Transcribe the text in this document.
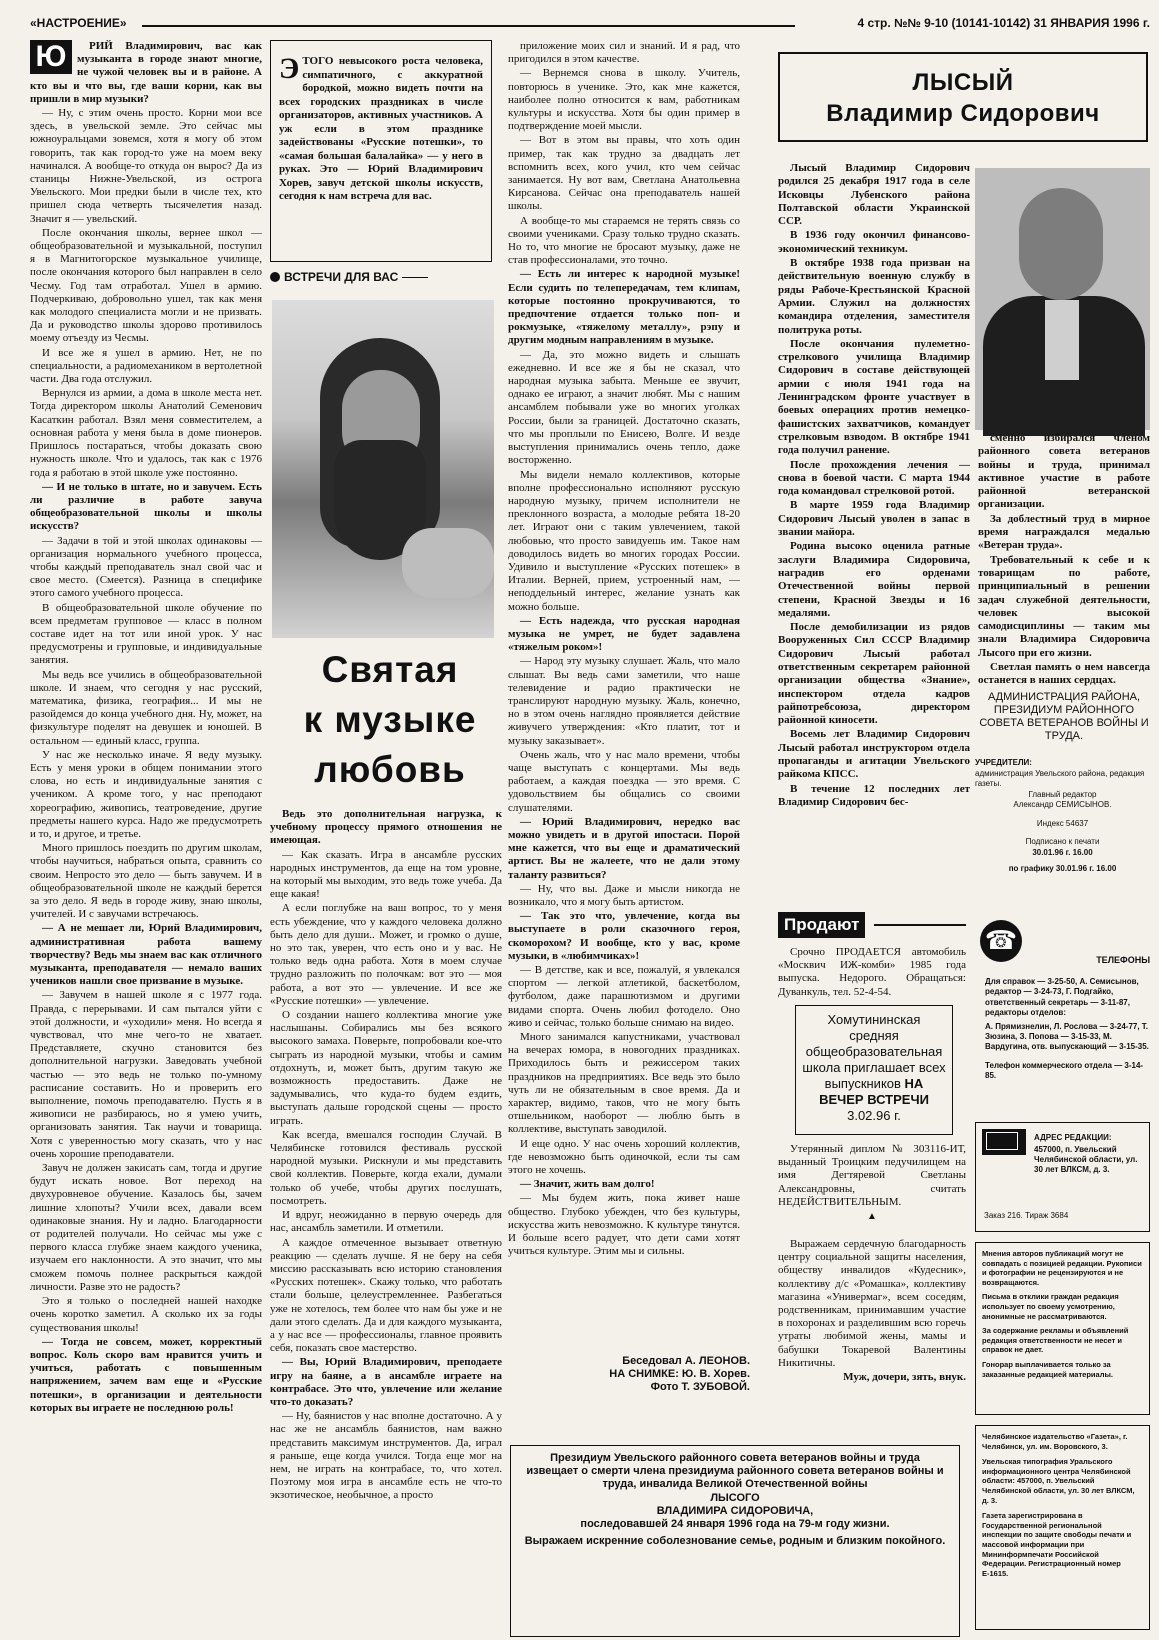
«НАСТРОЕНИЕ»	4 стр. №№ 9-10 (10141-10142) 31 ЯНВАРИЯ 1996 г.
Ю	РИЙ Владимирович, вас как музыканта в городе знают многие, не чужой человек вы и в районе. А кто вы и что вы, где ваши корни, как вы пришли в мир музыки?

— Ну, с этим очень просто. Корни мои все здесь, в увельской земле. Это сейчас мы южноуральцами зовемся, хотя я могу об этом говорить, так как город-то уже на моем веку начинался. А вообще-то откуда он вырос? Да из станицы Нижне-Увельской, из острога Увельского. Мои предки были в числе тех, кто пришел сюда четверть тысячелетия назад. Значит я — увельский.

После окончания школы, вернее школ — общеобразовательной и музыкальной, поступил я в Магнитогорское музыкальное училище, после окончания которого был направлен в село Чесму. Год там отработал. Ушел в армию. Подчеркиваю, добровольно ушел, так как меня как молодого специалиста могли и не призвать. Да и руководство школы здорово противилось моему отъезду из Чесмы.

И все же я ушел в армию. Нет, не по специальности, а радиомехаником в вертолетной части. Два года отслужил.

Вернулся из армии, а дома в школе места нет. Тогда директором школы Анатолий Семенович Касаткин работал. Взял меня совместителем, а основная работа у меня была в доме пионеров. Пришлось постараться, чтобы доказать свою нужность школе. Что и удалось, так как с 1976 года я работаю в этой школе уже постоянно.

— И не только в штате, но и завучем. Есть ли различие в работе завуча общеобразовательной школы и школы искусств?

— Задачи в той и этой школах одинаковы — организация нормального учебного процесса, чтобы каждый преподаватель знал свой час и свое место. (Смеется). Разница в специфике этого самого учебного процесса.

В общеобразовательной школе обучение по всем предметам групповое — класс в полном составе идет на тот или иной урок. У нас предусмотрены и групповые, и индивидуальные занятия.

Мы ведь все учились в общеобразовательной школе. И знаем, что сегодня у нас русский, математика, физика, география... И мы не разойдемся до конца учебного дня. Ну, может, на физкультуре поделят на девушек и юношей. В остальном — единый класс, группа.

У нас же несколько иначе. Я веду музыку. Есть у меня уроки в общем понимании этого слова, но есть и индивидуальные занятия с учеником. А кроме того, у нас преподают хореографию, живопись, театроведение, другие предметы нашего курса. Надо же предусмотреть и то, и другое, и третье.

Много пришлось поездить по другим школам, чтобы научиться, набраться опыта, сравнить со своим. Непросто это дело — быть завучем. И в общеобразовательной школе не каждый берется за это дело. Я ведь в городе живу, знаю школы, учителей. И с завучами встречаюсь.

— А не мешает ли, Юрий Владимирович, административная работа вашему творчеству? Ведь мы знаем вас как отличного музыканта, преподавателя — немало ваших учеников нашли свое призвание в музыке.

— Завучем в нашей школе я с 1977 года. Правда, с перерывами. И сам пытался уйти с этой должности, и «уходили» меня. Но всегда я чувствовал, что мне чего-то не хватает. Представляете, скучно становится без дополнительной нагрузки. Заведовать учебной частью — это ведь не только по-умному расписание составить. Но и проверить его выполнение, помочь преподавателю. Пусть я в живописи не разбираюсь, но я умею учить, организовать занятия. Так научи и товарища. Хотя с уверенностью могу сказать, что у нас очень хорошие преподаватели.

Завуч не должен закисать сам, тогда и другие будут искать новое. Вот переход на двухуровневое обучение. Казалось бы, зачем лишние хлопоты? Учили всех, давали всем одинаковые знания. Ну и ладно. Благодарности от родителей получали. Но сейчас мы уже с первого класса глубже знаем каждого ученика, изучаем его наклонности. А это значит, что мы сможем помочь полнее раскрыться каждой личности. Разве это не радость?

Это я только о последней нашей находке очень коротко заметил. А сколько их за годы существования школы!

— Тогда не совсем, может, корректный вопрос. Коль скоро вам нравится учить и учиться, работать с повышенным напряжением, зачем вам еще и «Русские потешки», в организации и деятельности которых вы играете не последнюю роль!

Э ТОГО невысокого роста человека, симпатичного, с аккуратной бородкой, можно видеть почти на всех городских праздниках в числе организаторов, активных участников. А уж если в этом празднике задействованы «Русские потешки», то «самая большая балалайка» — у него в руках. Это — Юрий Владимирович Хорев, завуч детской школы искусств, сегодня к нам встреча для вас.
ВСТРЕЧИ ДЛЯ ВАС
Святая
к музыке
любовь

Ведь это дополнительная нагрузка, к учебному процессу прямого отношения не имеющая.

— Как сказать. Игра в ансамбле русских народных инструментов, да еще на том уровне, на который мы выходим, это ведь тоже учеба. Да еще какая!

А если поглубже на ваш вопрос, то у меня есть убеждение, что у каждого человека должно быть дело для души.. Может, и громко о душе, но это так, уверен, что есть оно и у вас. Не только ведь одна работа. Хотя в моем случае трудно разложить по полочкам: вот это — моя работа, а вот это — увлечение. И все же «Русские потешки» — увлечение.

О создании нашего коллектива многие уже наслышаны. Собирались мы без всякого высокого замаха. Поверьте, попробовали кое-что сыграть из народной музыки, чтобы и самим отдохнуть, и, может быть, другим такую же возможность предоставить. Даже не задумывались, что куда-то будем ездить, выступать дальше городской сцены — просто играть.

Как всегда, вмешался господин Случай. В Челябинске готовился фестиваль русской народной музыки. Рискнули и мы представить свой коллектив. Поверьте, когда ехали, думали только об учебе, чтобы других послушать, посмотреть.

И вдруг, неожиданно в первую очередь для нас, ансамбль заметили. И отметили.

А каждое отмеченное вызывает ответную реакцию — сделать лучше. Я не беру на себя миссию рассказывать всю историю становления «Русских потешек». Скажу только, что работать стали больше, целеустремленнее. Разбегаться уже не хотелось, тем более что нам бы уже и не дали этого сделать. Да и для каждого музыканта, а у нас все — профессионалы, главное проявить себя, показать свое мастерство.

— Вы, Юрий Владимирович, преподаете игру на баяне, а в ансамбле играете на контрабасе. Это что, увлечение или желание что-то доказать?

— Ну, баянистов у нас вполне достаточно. А у нас же не ансамбль баянистов, нам важно представить максимум инструментов. Да, играл я раньше, еще когда учился. Тогда еще мог на нем, не играть на контрабасе, то, что хотел. Поэтому моя игра в ансамбле есть не что-то экзотическое, необычное, а просто

приложение моих сил и знаний. И я рад, что пригодился в этом качестве.

— Вернемся снова в школу. Учитель, повторюсь в ученике. Это, как мне кажется, наиболее полно относится к вам, работникам культуры и искусства. Хотя бы один пример в подтверждение моей мысли.

— Вот в этом вы правы, что хоть один пример, так как трудно за двадцать лет вспомнить всех, кого учил, кто чем сейчас занимается. Ну вот вам, Светлана Анатольевна Кирсанова. Сейчас она преподаватель нашей школы.

А вообще-то мы стараемся не терять связь со своими учениками. Сразу только трудно сказать. Но то, что многие не бросают музыку, даже не став профессионалами, это точно.

— Есть ли интерес к народной музыке! Если судить по телепередачам, тем клипам, которые постоянно прокручиваются, то предпочтение отдается только поп- и рокмузыке, «тяжелому металлу», рэпу и другим модным направлениям в музыке.

— Да, это можно видеть и слышать ежедневно. И все же я бы не сказал, что народная музыка забыта. Меньше ее звучит, однако ее играют, а значит любят. Мы с нашим ансамблем побывали уже во многих уголках России, были за границей. Достаточно сказать, что мы проплыли по Енисею, Волге. И везде выступления принимались очень тепло, даже восторженно.

Мы видели немало коллективов, которые вполне профессионально исполняют русскую народную музыку, причем исполнители не преклонного возраста, а молодые ребята 18-20 лет. Играют они с таким увлечением, такой любовью, что просто завидуешь им. Такое нам доводилось видеть во многих городах России. Удивило и выступление «Русских потешек» в Италии. Верней, прием, устроенный нам, — неподдельный интерес, желание узнать как можно больше.

— Есть надежда, что русская народная музыка не умрет, не будет задавлена «тяжелым роком»!

— Народ эту музыку слушает. Жаль, что мало слышат. Вы ведь сами заметили, что наше телевидение и радио практически не транслируют народную музыку. Жаль, конечно, но в этом очень наглядно проявляется действие живучего утверждения: «Кто платит, тот и музыку заказывает».

Очень жаль, что у нас мало времени, чтобы чаще выступать с концертами. Мы ведь работаем, а каждая поездка — это время. С удовольствием бы общались со своими слушателями.

— Юрий Владимирович, нередко вас можно увидеть и в другой ипостаси. Порой мне кажется, что вы еще и драматический артист. Вы не жалеете, что не дали этому таланту развиться?

— Ну, что вы. Даже и мысли никогда не возникало, что я могу быть артистом.

— Так это что, увлечение, когда вы выступаете в роли сказочного героя, скоморохом? И вообще, кто у вас, кроме музыки, в «любимчиках»!

— В детстве, как и все, пожалуй, я увлекался спортом — легкой атлетикой, баскетболом, футболом, даже парашютизмом и другими видами спорта. Очень любил фотодело. Оно живо и сейчас, только больше снимаю на видео.

Много занимался капустниками, участвовал на вечерах юмора, в новогодних праздниках. Приходилось быть и режиссером таких праздников на предприятиях. Все ведь это было чуть ли не обязательным в свое время. Да и характер, видимо, таков, что не могу быть отшельником, наоборот — люблю быть в коллективе, выступать заводилой.

И еще одно. У нас очень хороший коллектив, где невозможно быть одиночкой, если ты сам этого не хочешь.

— Значит, жить вам долго!

— Мы будем жить, пока живет наше общество. Глубоко убежден, что без культуры, искусства жить невозможно. К культуре тянутся. И больше всего радует, что дети сами хотят учиться культуре. Этим мы и сильны.

Беседовал А. ЛЕОНОВ.
НА СНИМКЕ: Ю. В. Хорев.
Фото Т. ЗУБОВОЙ.
ЛЫСЫЙ
Владимир Сидорович

Лысый Владимир Сидорович родился 25 декабря 1917 года в селе Исковцы Лубенского района Полтавской области Украинской ССР.

В 1936 году окончил финансово-экономический техникум.

В октябре 1938 года призван на действительную военную службу в ряды Рабоче-Крестьянской Красной Армии. Служил на должностях командира отделения, заместителя политрука роты.

После окончания пулеметно-стрелкового училища Владимир Сидорович в составе действующей армии с июля 1941 года на Ленинградском фронте участвует в боевых операциях против немецко-фашистских захватчиков, командует стрелковым взводом. В октябре 1941 года получил ранение.

После прохождения лечения — снова в боевой части. С марта 1944 года командовал стрелковой ротой.

В марте 1959 года Владимир Сидорович Лысый уволен в запас в звании майора.

Родина высоко оценила ратные заслуги Владимира Сидоровича, наградив его орденами Отечественной войны первой степени, Красной Звезды и 16 медалями.

После демобилизации из рядов Вооруженных Сил СССР Владимир Сидорович Лысый работал ответственным секретарем районной организации общества «Знание», инспектором отдела кадров райпотребсоюза, директором районной киносети.

Восемь лет Владимир Сидорович Лысый работал инструктором отдела пропаганды и агитации Увельского райкома КПСС.

В течение 12 последних лет Владимир Сидорович бес-

сменно избирался членом районного совета ветеранов войны и труда, принимал активное участие в работе районной ветеранской организации.

За доблестный труд в мирное время награждался медалью «Ветеран труда».

Требовательный к себе и к товарищам по работе, принципиальный в решении задач служебной деятельности, человек высокой самодисциплины — таким мы знали Владимира Сидоровича Лысого при его жизни.

Светлая память о нем навсегда останется в наших сердцах.

АДМИНИСТРАЦИЯ РАЙОНА, ПРЕЗИДИУМ РАЙОННОГО СОВЕТА ВЕТЕРАНОВ ВОЙНЫ И ТРУДА.
УЧРЕДИТЕЛИ:
администрация Увельского района, редакция газеты.
Главный редактор
Александр СЕМИСЫНОВ.
Индекс 54637
Подписано к печати
30.01.96 г. 16.00
по графику 30.01.96 г. 16.00
☎
ТЕЛЕФОНЫ
Для справок — 3-25-50, А. Семисынов, редактор — 3-24-73, Г. Подгайко, ответственный секретарь — 3-11-87, редакторы отделов:
А. Прямизнелин, Л. Рослова — 3-24-77, Т. Зюзина, З. Попова — 3-15-33, М. Вардугина, отв. выпускающий — 3-15-35.
Телефон коммерческого отдела — 3-14-85.
АДРЕС РЕДАКЦИИ:
457000, п. Увельский Челябинской области, ул. 30 лет ВЛКСМ, д. 3.
Заказ 216. Тираж 3684
Мнения авторов публикаций могут не совпадать с позицией редакции. Рукописи и фотографии не рецензируются и не возвращаются.
Письма в отклики граждан редакция использует по своему усмотрению, анонимные не рассматриваются.
За содержание рекламы и объявлений редакция ответственности не несет и справок не дает.
Гонорар выплачивается только за заказанные редакцией материалы.
Челябинское издательство «Газета», г. Челябинск, ул. им. Воровского, 3.
Увельская типография Уральского информационного центра Челябинской области: 457000, п. Увельский Челябинской области, ул. 30 лет ВЛКСМ, д. 3.
Газета зарегистрирована в Государственной региональной инспекции по защите свободы печати и массовой информации при Мининформпечати Российской Федерации. Регистрационный номер Е-1615.
Продают

Срочно ПРОДАЕТСЯ автомобиль «Москвич ИЖ-комби» 1985 года выпуска. Недорого. Обращаться: Дуванкуль, тел. 52-4-54.

Хомутининская средняя общеобразовательная школа приглашает всех выпускников НА ВЕЧЕР ВСТРЕЧИ 3.02.96 г.

Утерянный диплом № 303116-ИТ, выданный Троицким педучилищем на имя Дегтяревой Светланы Александровны, считать НЕДЕЙСТВИТЕЛЬНЫМ.

▲

Выражаем сердечную благодарность центру социальной защиты населения, обществу инвалидов «Кудесник», коллективу д/с «Ромашка», коллективу магазина «Универмаг», всем соседям, родственникам, принимавшим участие в похоронах и разделившим всю горечь утраты любимой жены, мамы и бабушки Токаревой Валентины Никитичны.

Муж, дочери, зять, внук.

Президиум Увельского районного совета ветеранов войны и труда извещает о смерти члена президиума районного совета ветеранов войны и труда, инвалида Великой Отечественной войны
ЛЫСОГО
ВЛАДИМИРА СИДОРОВИЧА,
последовавшей 24 января 1996 года на 79-м году жизни.
Выражаем искренние соболезнование семье, родным и близким покойного.
